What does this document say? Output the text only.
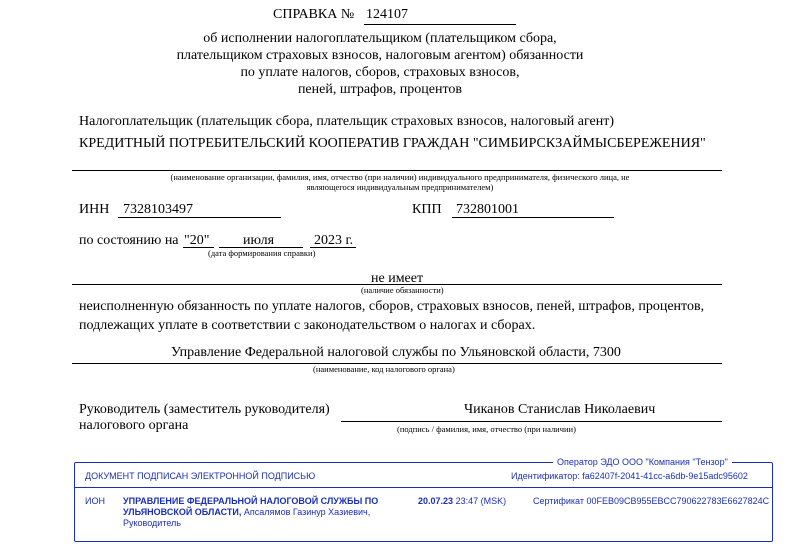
СПРАВКА № 124107
об исполнении налогоплательщиком (плательщиком сбора,
плательщиком страховых взносов, налоговым агентом) обязанности
по уплате налогов, сборов, страховых взносов,
пеней, штрафов, процентов
Налогоплательщик (плательщик сбора, плательщик страховых взносов, налоговый агент)
КРЕДИТНЫЙ ПОТРЕБИТЕЛЬСКИЙ КООПЕРАТИВ ГРАЖДАН "СИМБИРСКЗАЙМЫСБЕРЕЖЕНИЯ"
(наименование организации, фамилия, имя, отчество (при наличии) индивидуального предпринимателя, физического лица, не
являющегося индивидуальным предпринимателем)
ИНН 7328103497	КПП 732801001
по состоянию на "20" июля	2023 г.
(дата формирования справки)
не имеет
(наличие обязанности)
неисполненную обязанность по уплате налогов, сборов, страховых взносов, пеней, штрафов, процентов,
подлежащих уплате в соответствии с законодательством о налогах и сборах.
Управление Федеральной налоговой службы по Ульяновской области, 7300
(наименование, код налогового органа)
Руководитель (заместитель руководителя)
налогового органа
Чиканов Станислав Николаевич
(подпись / фамилия, имя, отчество (при наличии)
Оператор ЭДО ООО "Компания "Тензор"
ДОКУМЕНТ ПОДПИСАН ЭЛЕКТРОННОЙ ПОДПИСЬЮ	Идентификатор: fa62407f-2041-41cc-a6db-9e15adc95602
ИОН УПРАВЛЕНИЕ ФЕДЕРАЛЬНОЙ НАЛОГОВОЙ СЛУЖБЫ ПО
УЛЬЯНОВСКОЙ ОБЛАСТИ, Апсалямов Газинур Хазиевич,
Руководитель
20.07.23 23:47 (MSK)	Сертификат 00FEB09CB955EBCC790622783E6627824C
